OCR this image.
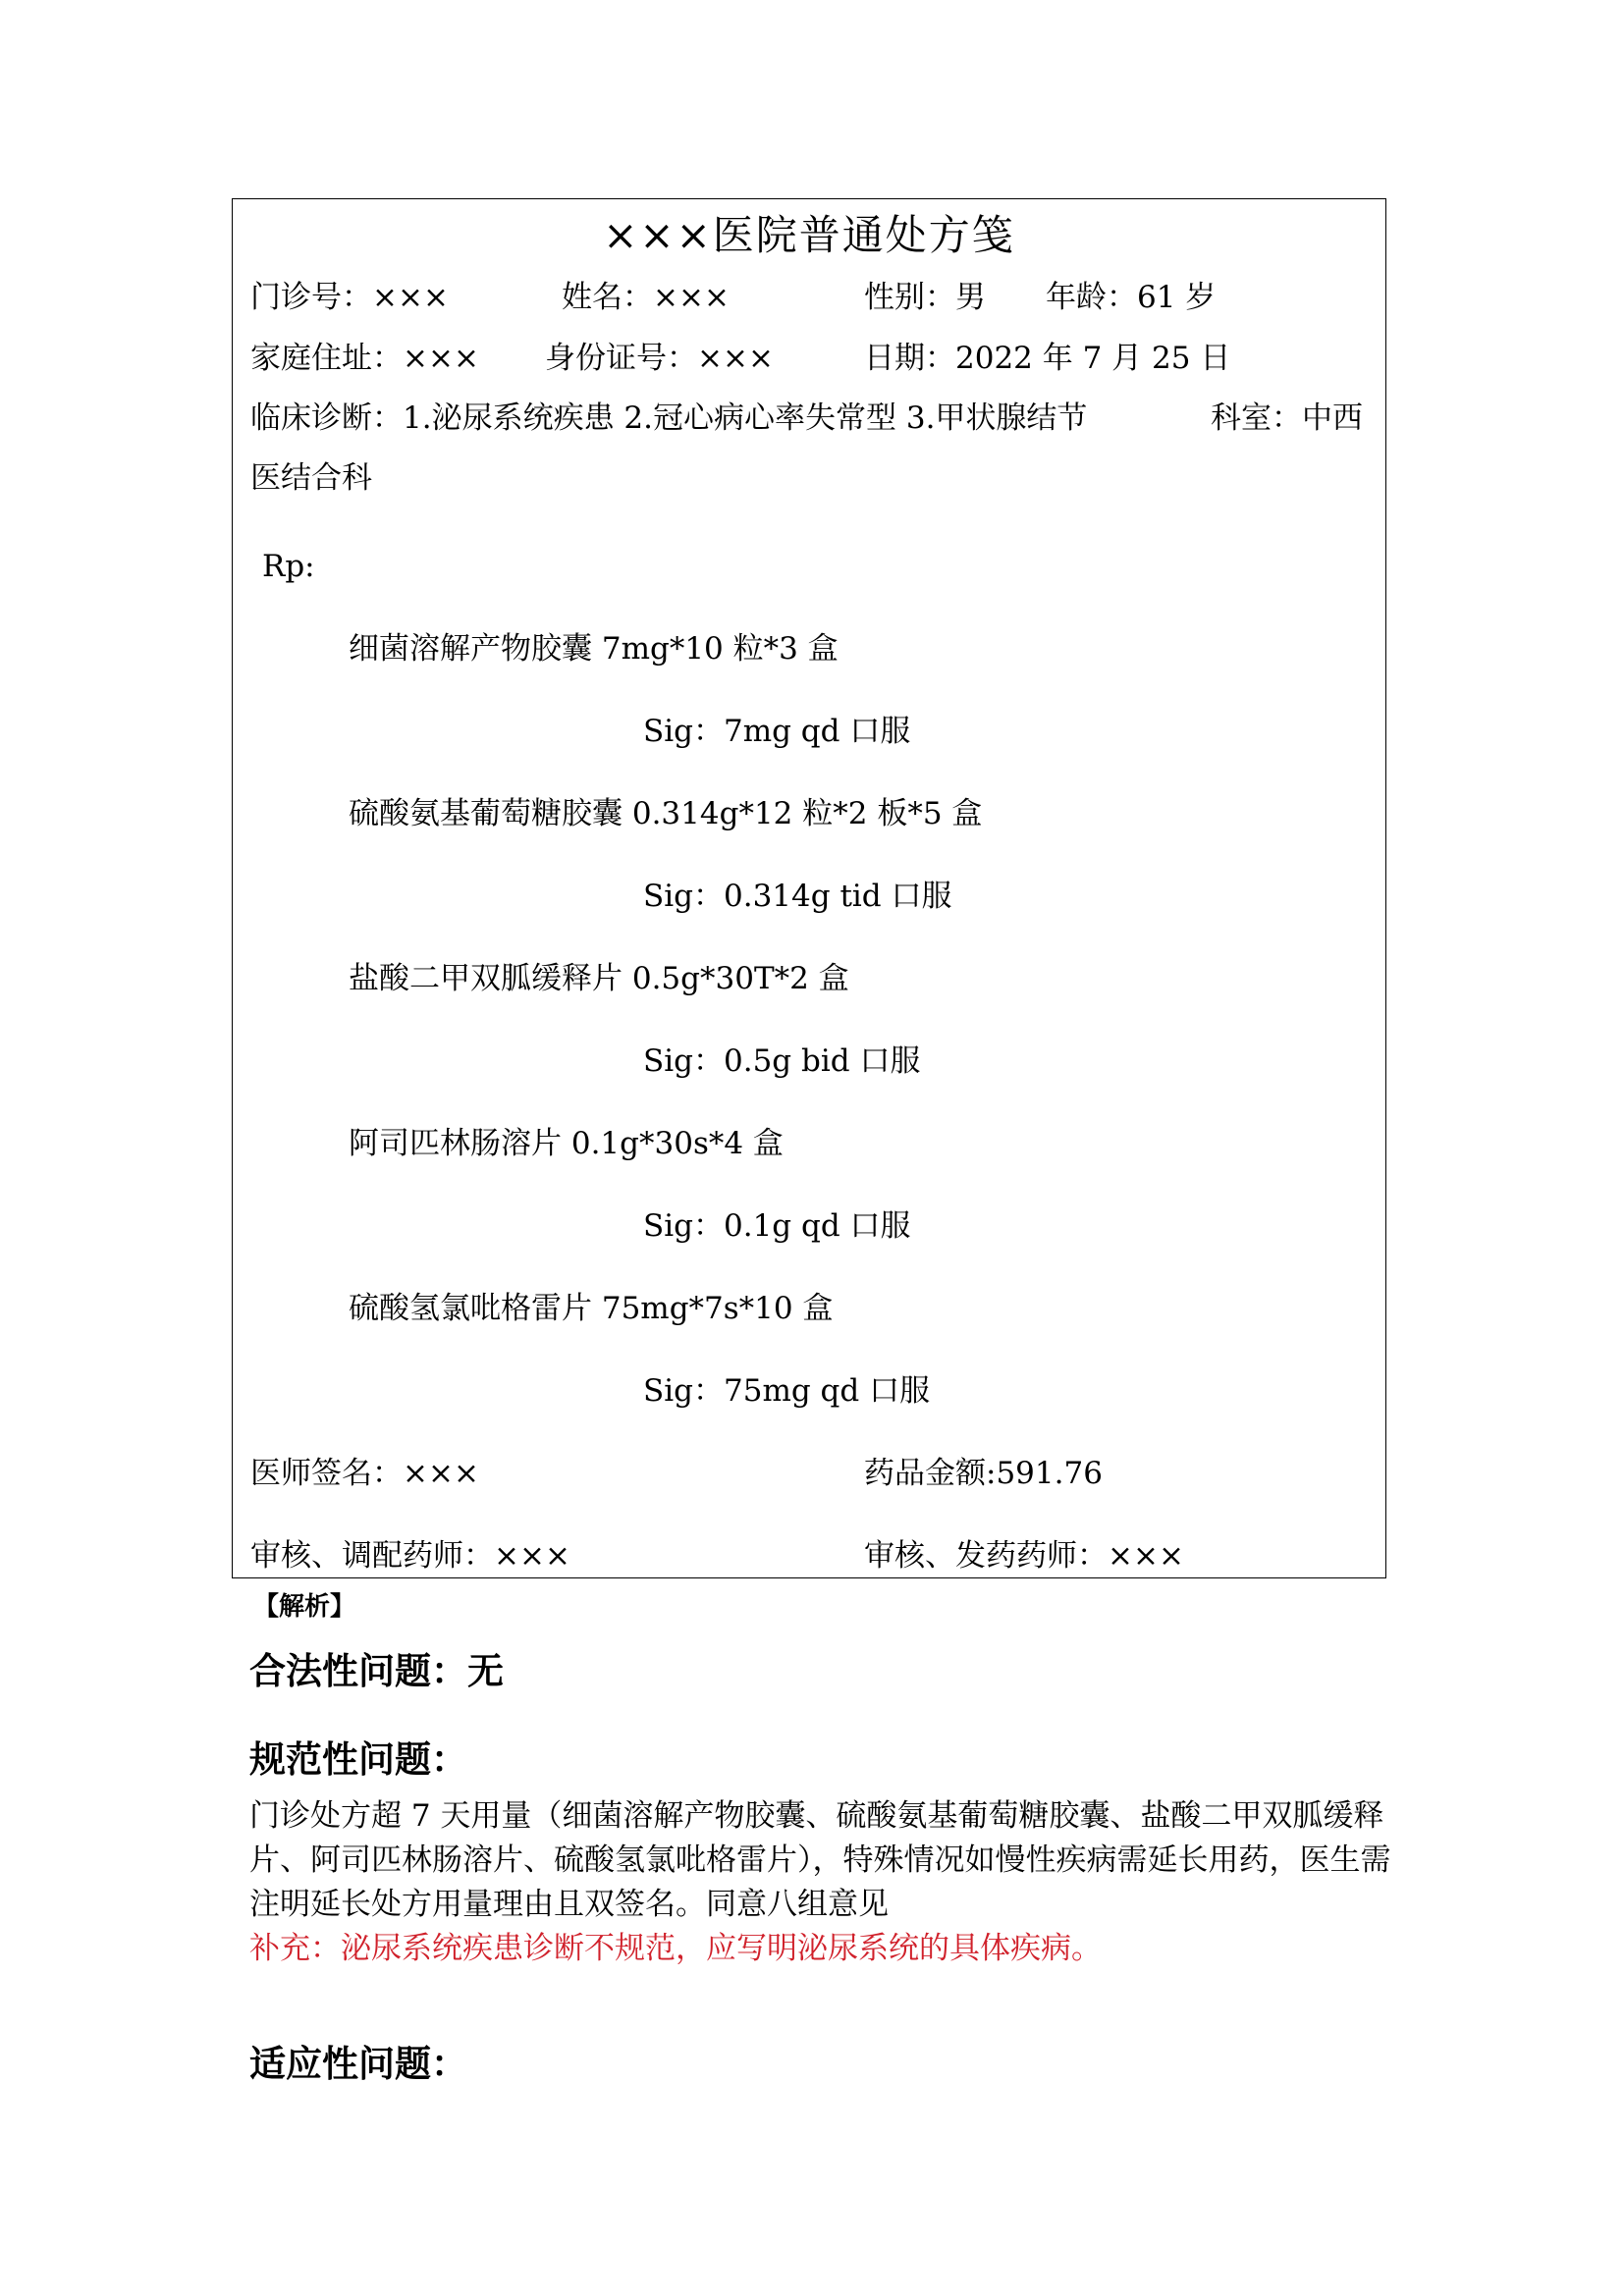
×××医院普通处方笺
门诊号：×××	姓名：×××	性别：男 年龄：61 岁
家庭住址：××× 身份证号：×××	日期：2022 年 7 月 25 日
临床诊断：1.泌尿系统疾患 2.冠心病心率失常型 3.甲状腺结节	科室：中西
医结合科
Rp:
细菌溶解产物胶囊 7mg*10 粒*3 盒
Sig：7mg qd 口服
硫酸氨基葡萄糖胶囊 0.314g*12 粒*2 板*5 盒
Sig：0.314g tid 口服
盐酸二甲双胍缓释片 0.5g*30T*2 盒
Sig：0.5g bid 口服
阿司匹林肠溶片 0.1g*30s*4 盒
Sig：0.1g qd 口服
硫酸氢氯吡格雷片 75mg*7s*10 盒
Sig：75mg qd 口服
医师签名：×××	药品金额:591.76
审核、调配药师：×××	审核、发药药师：×××
【解析】
合法性问题：无
规范性问题：
门诊处方超 7 天用量（细菌溶解产物胶囊、硫酸氨基葡萄糖胶囊、盐酸二甲双胍缓释片、阿司匹林肠溶片、硫酸氢氯吡格雷片），特殊情况如慢性疾病需延长用药，医生需注明延长处方用量理由且双签名。同意八组意见
补充：泌尿系统疾患诊断不规范，应写明泌尿系统的具体疾病。
适应性问题：
